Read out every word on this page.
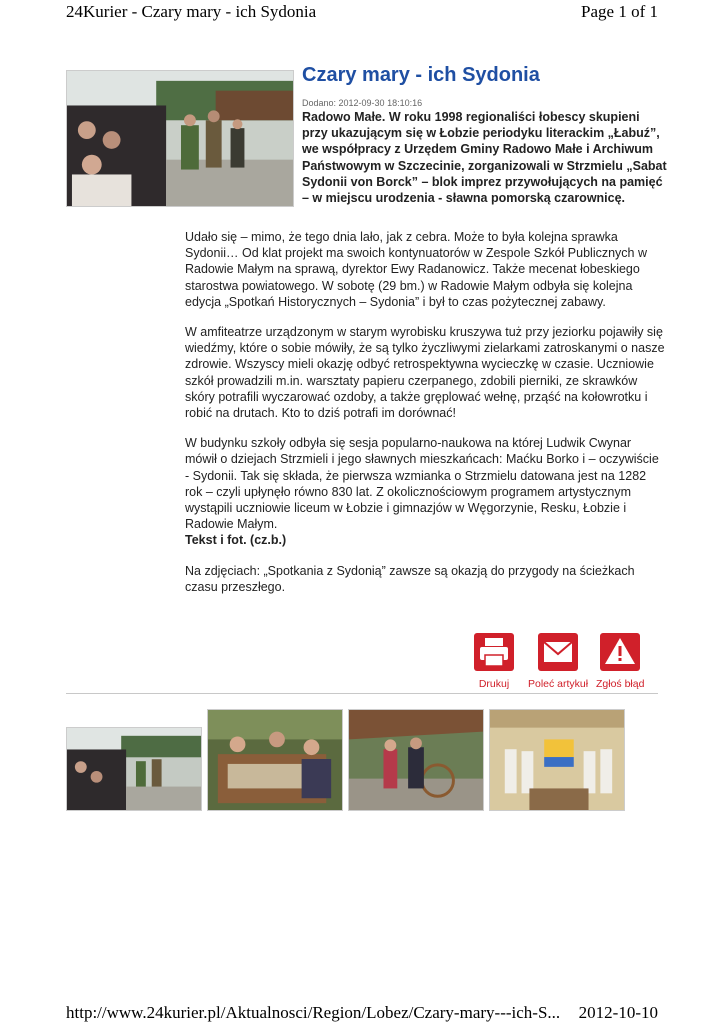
24Kurier - Czary mary - ich Sydonia	Page 1 of 1
Czary mary - ich Sydonia
Dodano: 2012-09-30 18:10:16

Radowo Małe. W roku 1998 regionaliści łobescy skupieni przy ukazującym się w Łobzie periodyku literackim „Łabuź”, we współpracy z Urzędem Gminy Radowo Małe i Archiwum Państwowym w Szczecinie, zorganizowali w Strzmielu „Sabat Sydonii von Borck” – blok imprez przywołujących na pamięć – w miejscu urodzenia - sławna pomorską czarownicę.

Udało się – mimo, że tego dnia lało, jak z cebra. Może to była kolejna sprawka Sydonii… Od klat projekt ma swoich kontynuatorów w Zespole Szkół Publicznych w Radowie Małym na sprawą, dyrektor Ewy Radanowicz. Także mecenat łobeskiego starostwa powiatowego. W sobotę (29 bm.) w Radowie Małym odbyła się kolejna edycja „Spotkań Historycznych – Sydonia” i był to czas pożytecznej zabawy.

W amfiteatrze urządzonym w starym wyrobisku kruszywa tuż przy jeziorku pojawiły się wiedźmy, które o sobie mówiły, że są tylko życzliwymi zielarkami zatroskanymi o nasze zdrowie. Wszyscy mieli okazję odbyć retrospektywna wycieczkę w czasie. Uczniowie szkół prowadzili m.in. warsztaty papieru czerpanego, zdobili pierniki, ze skrawków skóry potrafili wyczarować ozdoby, a także gręplować wełnę, prząść na kołowrotku i robić na drutach. Kto to dziś potrafi im dorównać!

W budynku szkoły odbyła się sesja popularno-naukowa na której Ludwik Cwynar mówił o dziejach Strzmieli i jego sławnych mieszkańcach: Maćku Borko i – oczywiście - Sydonii. Tak się składa, że pierwsza wzmianka o Strzmielu datowana jest na 1282 rok – czyli upłynęło równo 830 lat. Z okolicznościowym programem artystycznym wystąpili uczniowie liceum w Łobzie i gimnazjów w Węgorzynie, Resku, Łobzie i Radowie Małym.

Tekst i fot. (cz.b.)

Na zdjęciach: „Spotkania z Sydonią” zawsze są okazją do przygody na ścieżkach czasu przeszłego.

Drukuj	Poleć artykuł Zgłoś błąd
http://www.24kurier.pl/Aktualnosci/Region/Lobez/Czary-mary---ich-S... 2012-10-10
